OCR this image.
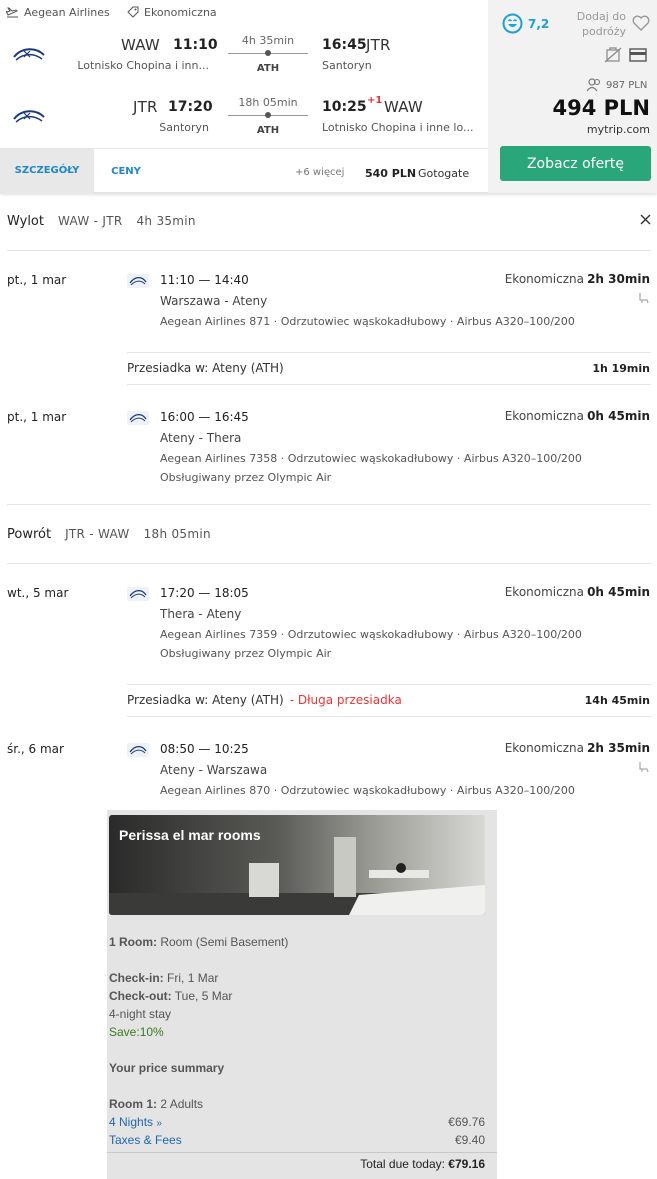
Aegean Airlines	Ekonomiczna
WAW 11:10
Lotnisko Chopina i inn...
4h 35min
ATH
16:45 JTR
Santoryn
JTR 17:20
Santoryn
18h 05min
ATH
10:25 +1 WAW
Lotnisko Chopina i inne lo...
SZCZEGÓŁY	CENY	+6 więcej 540 PLN Gotogate
7,2
Dodaj do podróży
987 PLN
494 PLN
mytrip.com
Zobacz ofertę
Wylot WAW - JTR 4h 35min
pt., 1 mar	11:10 — 14:40
Warszawa - Ateny
Aegean Airlines 871 · Odrzutowiec wąskokadłubowy · Airbus A320–100/200
Ekonomiczna 2h 30min
Przesiadka w: Ateny (ATH)	1h 19min
pt., 1 mar	16:00 — 16:45
Ateny - Thera
Aegean Airlines 7358 · Odrzutowiec wąskokadłubowy · Airbus A320–100/200
Obsługiwany przez Olympic Air
Ekonomiczna 0h 45min
Powrót JTR - WAW 18h 05min
wt., 5 mar	17:20 — 18:05
Thera - Ateny
Aegean Airlines 7359 · Odrzutowiec wąskokadłubowy · Airbus A320–100/200
Obsługiwany przez Olympic Air
Ekonomiczna 0h 45min
Przesiadka w: Ateny (ATH) - Długa przesiadka	14h 45min
śr., 6 mar	08:50 — 10:25
Ateny - Warszawa
Aegean Airlines 870 · Odrzutowiec wąskokadłubowy · Airbus A320–100/200
Ekonomiczna 2h 35min
Perissa el mar rooms
1 Room: Room (Semi Basement)
Check-in: Fri, 1 Mar
Check-out: Tue, 5 Mar
4-night stay
Save:10%
Your price summary
Room 1: 2 Adults
4 Nights »	€69.76
Taxes & Fees	€9.40
Total due today: €79.16
